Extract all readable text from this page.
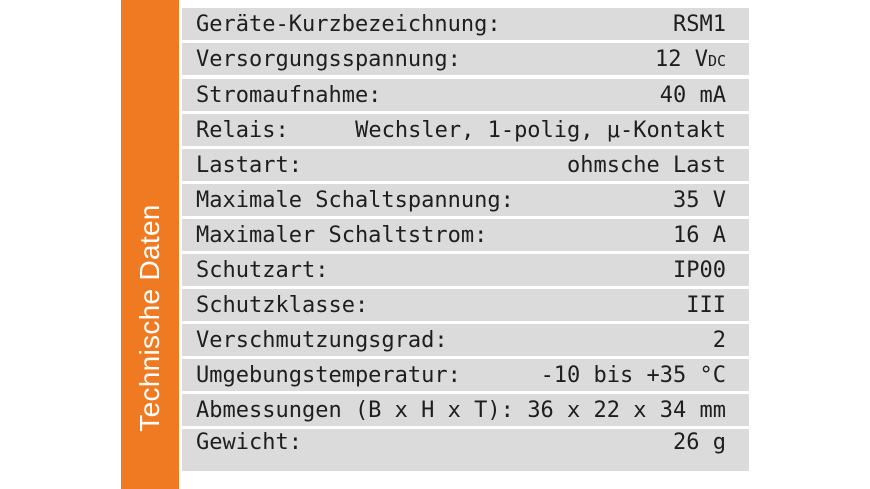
Technische Daten
Geräte-Kurzbezeichnung:	RSM1
Versorgungsspannung:	12 VDC
Stromaufnahme:	40 mA
Relais:	Wechsler, 1-polig, μ-Kontakt
Lastart:	ohmsche Last
Maximale Schaltspannung:	35 V
Maximaler Schaltstrom:	16 A
Schutzart:	IP00
Schutzklasse:	III
Verschmutzungsgrad:	2
Umgebungstemperatur:	-10 bis +35 °C
Abmessungen (B x H x T): 36 x 22 x 34 mm
Gewicht:	26 g
